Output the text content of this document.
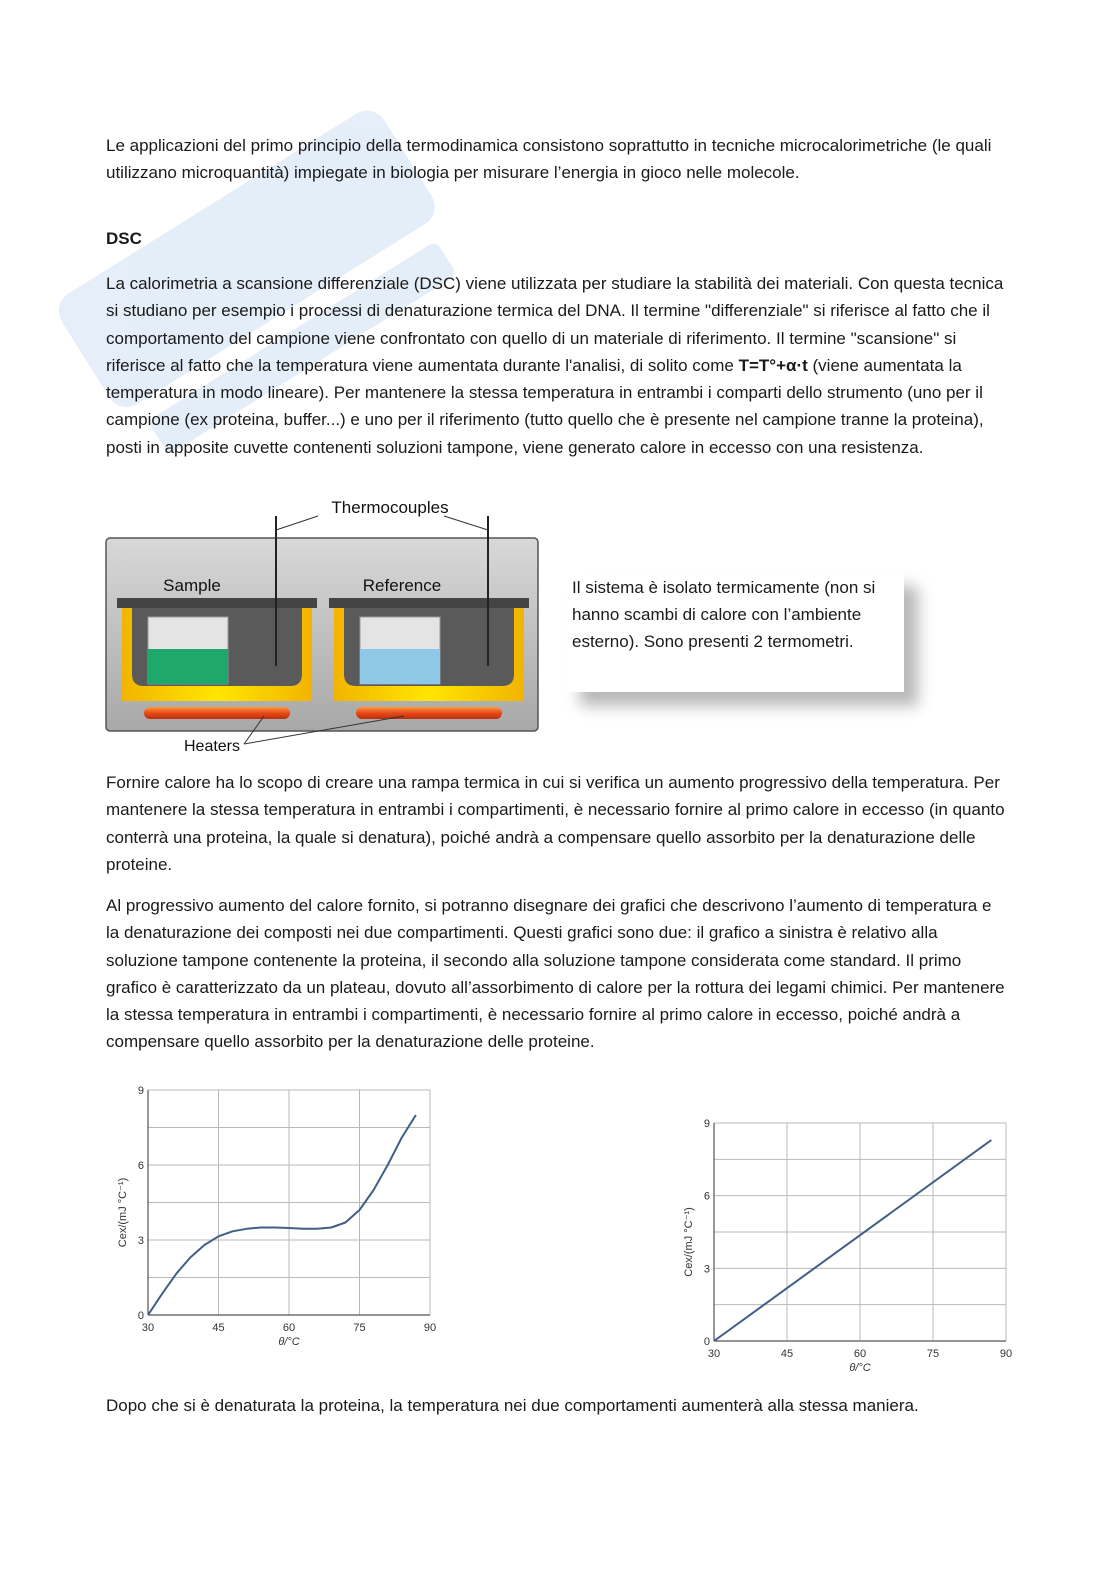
Le applicazioni del primo principio della termodinamica consistono soprattutto in tecniche microcalorimetriche (le quali utilizzano microquantità) impiegate in biologia per misurare l’energia in gioco nelle molecole.

DSC

La calorimetria a scansione differenziale (DSC) viene utilizzata per studiare la stabilità dei materiali. Con questa tecnica si studiano per esempio i processi di denaturazione termica del DNA. Il termine "differenziale" si riferisce al fatto che il comportamento del campione viene confrontato con quello di un materiale di riferimento. Il termine "scansione" si riferisce al fatto che la temperatura viene aumentata durante l'analisi, di solito come T=T°+α·t (viene aumentata la temperatura in modo lineare). Per mantenere la stessa temperatura in entrambi i comparti dello strumento (uno per il campione (ex proteina, buffer...) e uno per il riferimento (tutto quello che è presente nel campione tranne la proteina), posti in apposite cuvette contenenti soluzioni tampone, viene generato calore in eccesso con una resistenza.

Thermocouples
Sample	Reference
Heaters
Il sistema è isolato termicamente (non si hanno scambi di calore con l’ambiente esterno). Sono presenti 2 termometri.

Fornire calore ha lo scopo di creare una rampa termica in cui si verifica un aumento progressivo della temperatura. Per mantenere la stessa temperatura in entrambi i compartimenti, è necessario fornire al primo calore in eccesso (in quanto conterrà una proteina, la quale si denatura), poiché andrà a compensare quello assorbito per la denaturazione delle proteine.

Al progressivo aumento del calore fornito, si potranno disegnare dei grafici che descrivono l’aumento di temperatura e la denaturazione dei composti nei due compartimenti. Questi grafici sono due: il grafico a sinistra è relativo alla soluzione tampone contenente la proteina, il secondo alla soluzione tampone considerata come standard. Il primo grafico è caratterizzato da un plateau, dovuto all’assorbimento di calore per la rottura dei legami chimici. Per mantenere la stessa temperatura in entrambi i compartimenti, è necessario fornire al primo calore in eccesso, poiché andrà a compensare quello assorbito per la denaturazione delle proteine.

30	45	60	75	90
0
3
6
9
θ/°C
Cex/(mJ °C⁻¹)
30	45	60	75	90
0
3
6
9
θ/°C
Cex/(mJ °C⁻¹)

Dopo che si è denaturata la proteina, la temperatura nei due comportamenti aumenterà alla stessa maniera.
